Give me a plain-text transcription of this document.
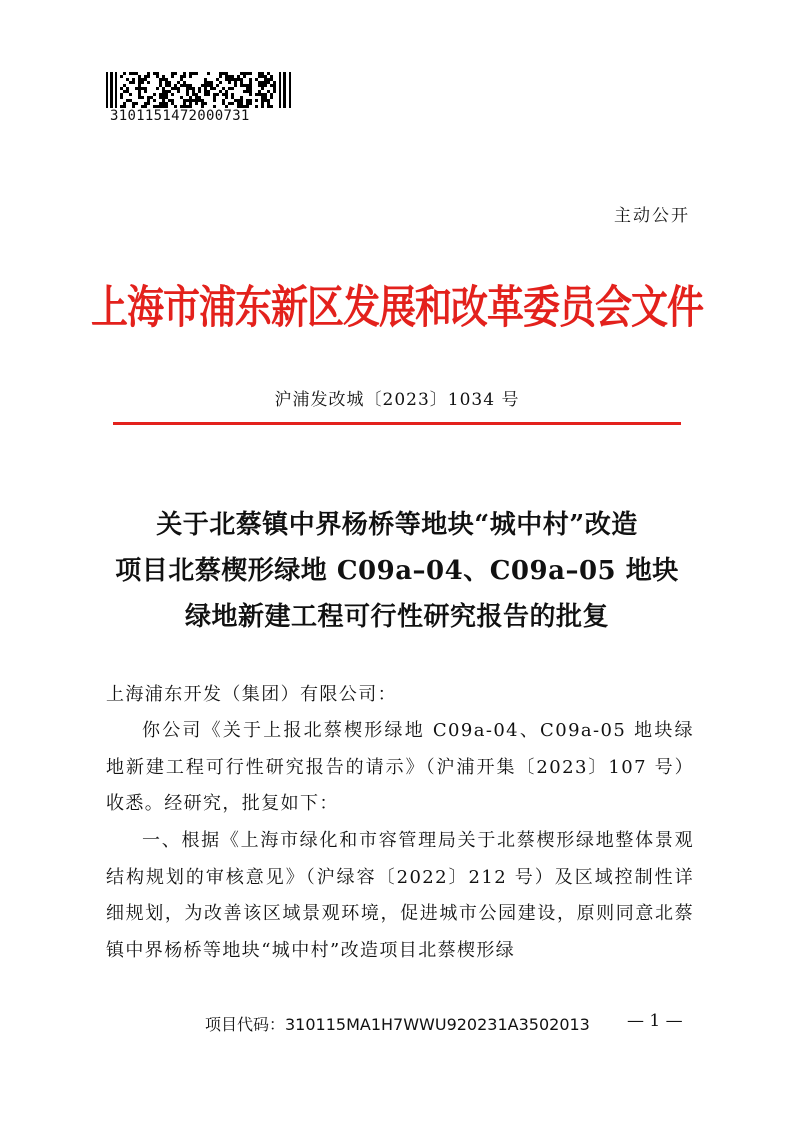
3101151472000731
主动公开
上海市浦东新区发展和改革委员会文件
沪浦发改城〔2023〕1034 号
关于北蔡镇中界杨桥等地块“城中村”改造
项目北蔡楔形绿地 C09a–04、C09a–05 地块
绿地新建工程可行性研究报告的批复
上海浦东开发（集团）有限公司：
你公司《关于上报北蔡楔形绿地 C09a-04、C09a-05 地块绿地新建工程可行性研究报告的请示》（沪浦开集〔2023〕107 号）收悉。经研究，批复如下：
一、根据《上海市绿化和市容管理局关于北蔡楔形绿地整体景观结构规划的审核意见》（沪绿容〔2022〕212 号）及区域控制性详细规划，为改善该区域景观环境，促进城市公园建设，原则同意北蔡镇中界杨桥等地块“城中村”改造项目北蔡楔形绿
项目代码：310115MA1H7WWU920231A3502013 — 1 —
